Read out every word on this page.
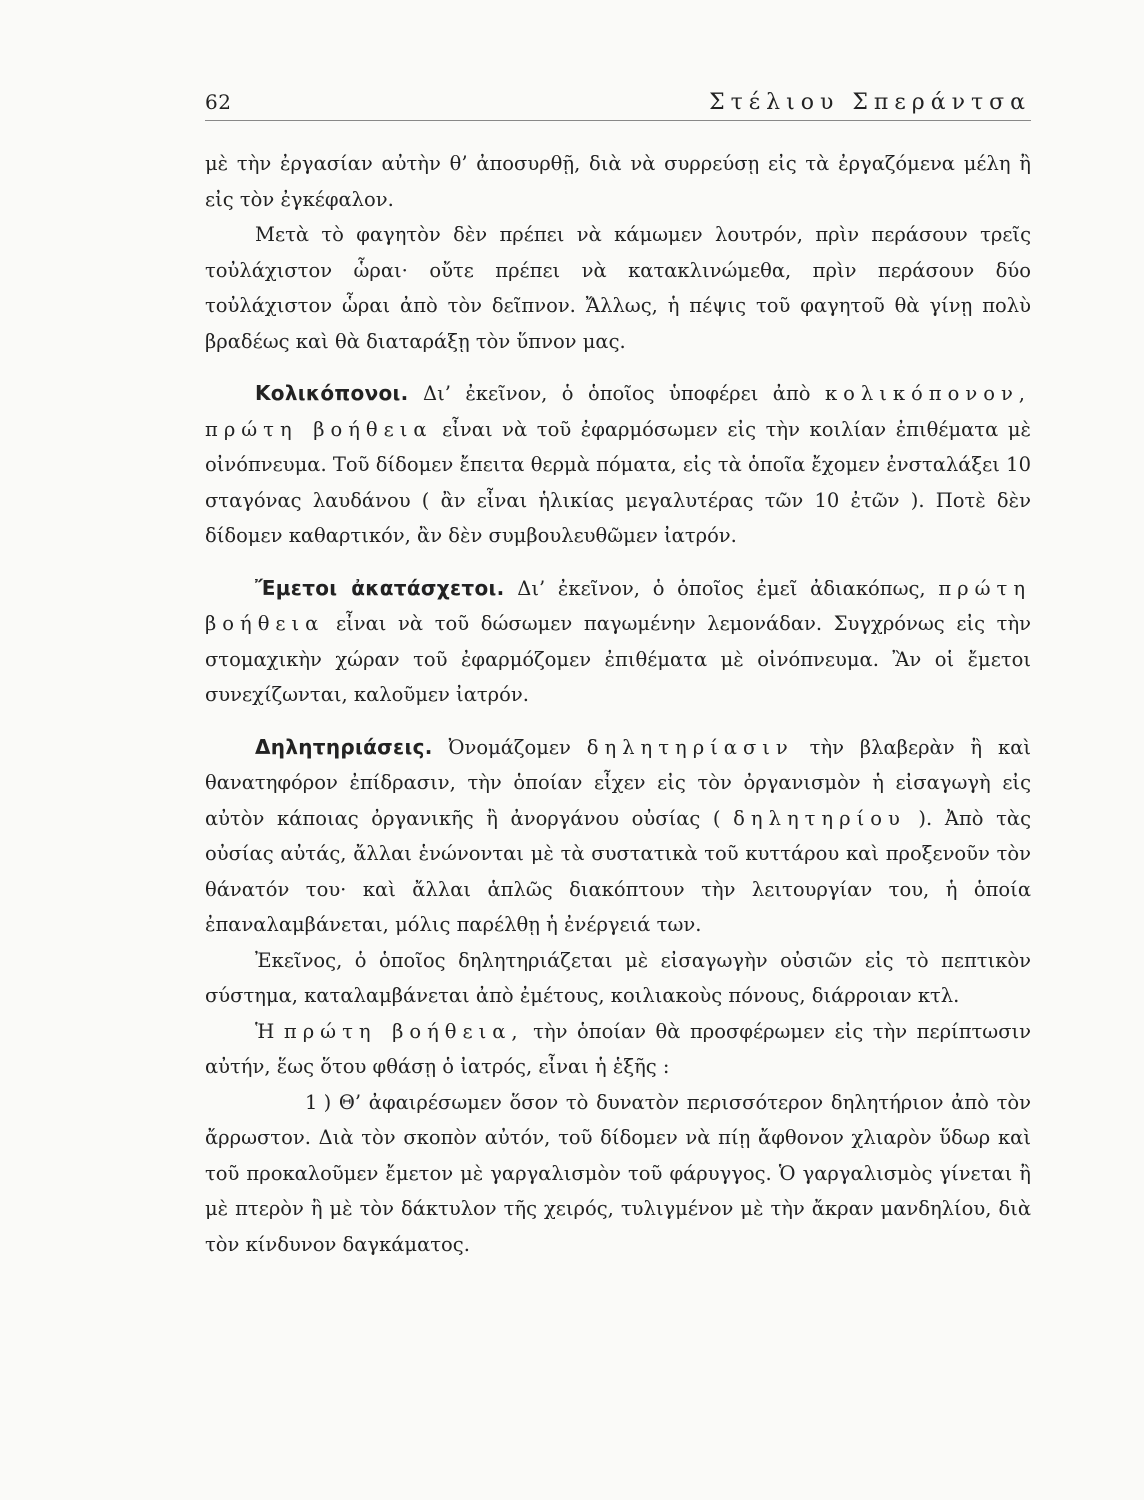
62	Στέλιου Σπεράντσα

μὲ τὴν ἐργασίαν αὐτὴν θ’ ἀποσυρθῇ, διὰ νὰ συρρεύσῃ εἰς τὰ ἐργαζόμενα μέλη ἢ εἰς τὸν ἐγκέφαλον.

Μετὰ τὸ φαγητὸν δὲν πρέπει νὰ κάμωμεν λουτρόν, πρὶν περάσουν τρεῖς τοὐλάχιστον ὧραι· οὔτε πρέπει νὰ κατακλινώμεθα, πρὶν περάσουν δύο τοὐλάχιστον ὧραι ἀπὸ τὸν δεῖπνον. Ἄλλως, ἡ πέψις τοῦ φαγητοῦ θὰ γίνῃ πολὺ βραδέως καὶ θὰ διαταράξῃ τὸν ὕπνον μας.

Κολικόπονοι. Δι’ ἐκεῖνον, ὁ ὁποῖος ὑποφέρει ἀπὸ κολικόπονον, πρώτη βοήθεια εἶναι νὰ τοῦ ἐφαρμόσωμεν εἰς τὴν κοιλίαν ἐπιθέματα μὲ οἰνόπνευμα. Τοῦ δίδομεν ἔπειτα θερμὰ πόματα, εἰς τὰ ὁποῖα ἔχομεν ἐνσταλάξει 10 σταγόνας λαυδάνου ( ἂν εἶναι ἡλικίας μεγαλυτέρας τῶν 10 ἐτῶν ). Ποτὲ δὲν δίδομεν καθαρτικόν, ἂν δὲν συμβουλευθῶμεν ἰατρόν.

Ἔμετοι ἀκατάσχετοι. Δι’ ἐκεῖνον, ὁ ὁποῖος ἐμεῖ ἀδιακόπως, πρώτη βοήθεια εἶναι νὰ τοῦ δώσωμεν παγωμένην λεμονάδαν. Συγχρόνως εἰς τὴν στομαχικὴν χώραν τοῦ ἐφαρμόζομεν ἐπιθέματα μὲ οἰνόπνευμα. Ἂν οἱ ἔμετοι συνεχίζωνται, καλοῦμεν ἰατρόν.

Δηλητηριάσεις. Ὀνομάζομεν δηλητηρίασιν τὴν βλαβερὰν ἢ καὶ θανατηφόρον ἐπίδρασιν, τὴν ὁποίαν εἶχεν εἰς τὸν ὀργανισμὸν ἡ εἰσαγωγὴ εἰς αὐτὸν κάποιας ὀργανικῆς ἢ ἀνοργάνου οὐσίας ( δηλητηρίου ). Ἀπὸ τὰς οὐσίας αὐτάς, ἄλλαι ἑνώνονται μὲ τὰ συστατικὰ τοῦ κυττάρου καὶ προξενοῦν τὸν θάνατόν του· καὶ ἄλλαι ἁπλῶς διακόπτουν τὴν λειτουργίαν του, ἡ ὁποία ἐπαναλαμβάνεται, μόλις παρέλθῃ ἡ ἐνέργειά των.

Ἐκεῖνος, ὁ ὁποῖος δηλητηριάζεται μὲ εἰσαγωγὴν οὐσιῶν εἰς τὸ πεπτικὸν σύστημα, καταλαμβάνεται ἀπὸ ἐμέτους, κοιλιακοὺς πόνους, διάρροιαν κτλ.

Ἡ πρώτη βοήθεια, τὴν ὁποίαν θὰ προσφέρωμεν εἰς τὴν περίπτωσιν αὐτήν, ἕως ὅτου φθάσῃ ὁ ἰατρός, εἶναι ἡ ἑξῆς :

1 ) Θ’ ἀφαιρέσωμεν ὅσον τὸ δυνατὸν περισσότερον δηλητήριον ἀπὸ τὸν ἄρρωστον. Διὰ τὸν σκοπὸν αὐτόν, τοῦ δίδομεν νὰ πίῃ ἄφθονον χλιαρὸν ὕδωρ καὶ τοῦ προκαλοῦμεν ἔμετον μὲ γαργαλισμὸν τοῦ φάρυγγος. Ὁ γαργαλισμὸς γίνεται ἢ μὲ πτερὸν ἢ μὲ τὸν δάκτυλον τῆς χειρός, τυλιγμένον μὲ τὴν ἄκραν μανδηλίου, διὰ τὸν κίνδυνον δαγκάματος.
